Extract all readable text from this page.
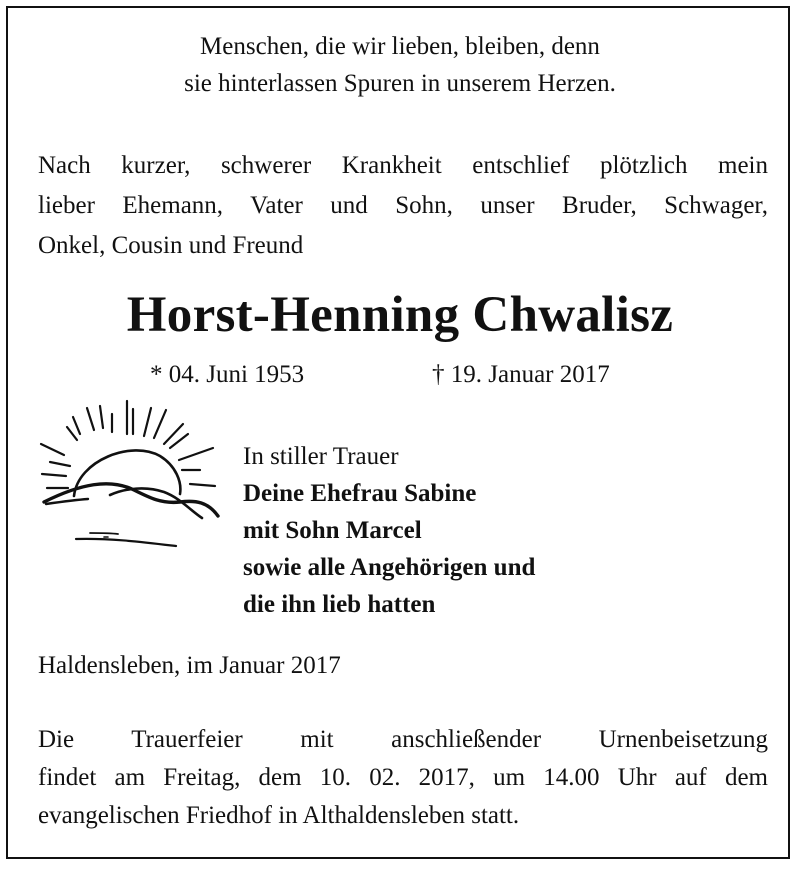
Menschen, die wir lieben, bleiben, denn
sie hinterlassen Spuren in unserem Herzen.
Nach kurzer, schwerer Krankheit entschlief plötzlich mein
lieber Ehemann, Vater und Sohn, unser Bruder, Schwager,
Onkel, Cousin und Freund
Horst-Henning Chwalisz
* 04. Juni 1953	† 19. Januar 2017
In stiller Trauer
Deine Ehefrau Sabine
mit Sohn Marcel
sowie alle Angehörigen und
die ihn lieb hatten
Haldensleben, im Januar 2017
Die Trauerfeier mit anschließender Urnenbeisetzung
findet am Freitag, dem 10. 02. 2017, um 14.00 Uhr auf dem
evangelischen Friedhof in Althaldensleben statt.
